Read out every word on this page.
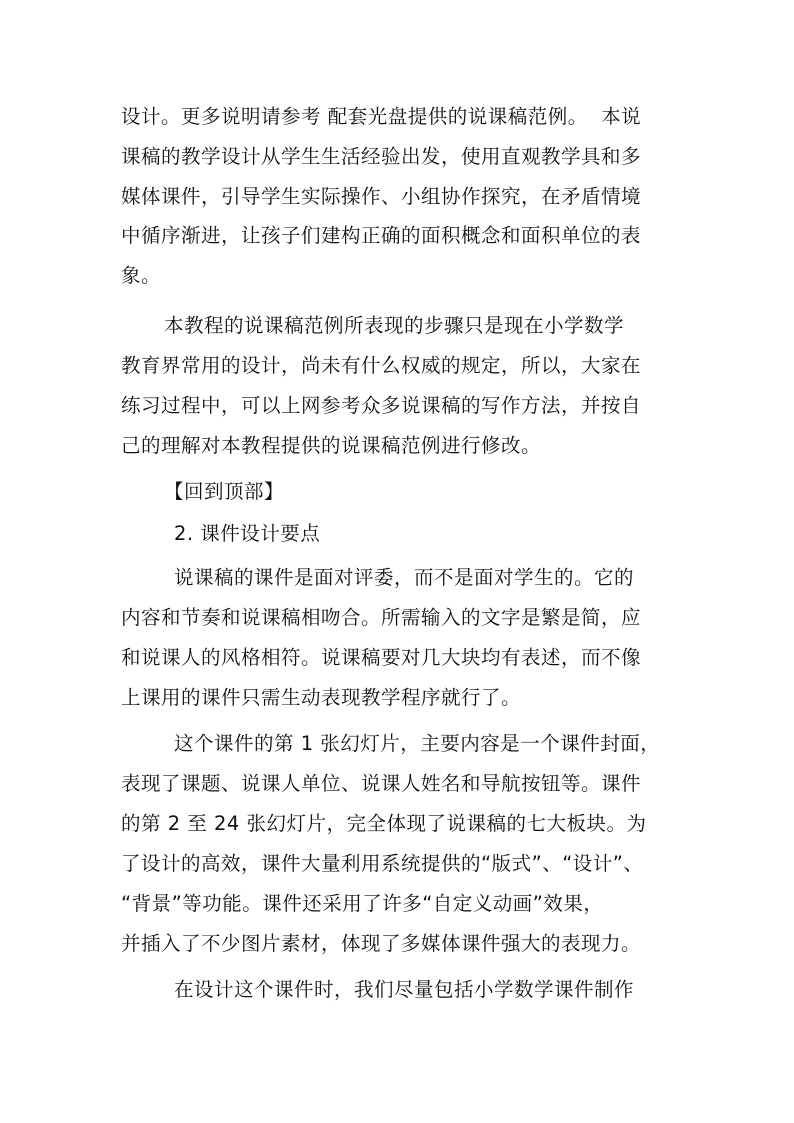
设计。更多说明请参考 配套光盘提供的说课稿范例。  本说
课稿的教学设计从学生生活经验出发，使用直观教学具和多
媒体课件，引导学生实际操作、小组协作探究，在矛盾情境
中循序渐进，让孩子们建构正确的面积概念和面积单位的表
象。
本教程的说课稿范例所表现的步骤只是现在小学数学
教育界常用的设计，尚未有什么权威的规定，所以，大家在
练习过程中，可以上网参考众多说课稿的写作方法，并按自
己的理解对本教程提供的说课稿范例进行修改。
【回到顶部】
2. 课件设计要点
说课稿的课件是面对评委，而不是面对学生的。它的
内容和节奏和说课稿相吻合。所需输入的文字是繁是简，应
和说课人的风格相符。说课稿要对几大块均有表述，而不像
上课用的课件只需生动表现教学程序就行了。
这个课件的第 1 张幻灯片，主要内容是一个课件封面，
表现了课题、说课人单位、说课人姓名和导航按钮等。课件
的第 2 至 24 张幻灯片，完全体现了说课稿的七大板块。为
了设计的高效，课件大量利用系统提供的“版式”、“设计”、
“背景”等功能。课件还采用了许多“自定义动画”效果，
并插入了不少图片素材，体现了多媒体课件强大的表现力。
在设计这个课件时，我们尽量包括小学数学课件制作
